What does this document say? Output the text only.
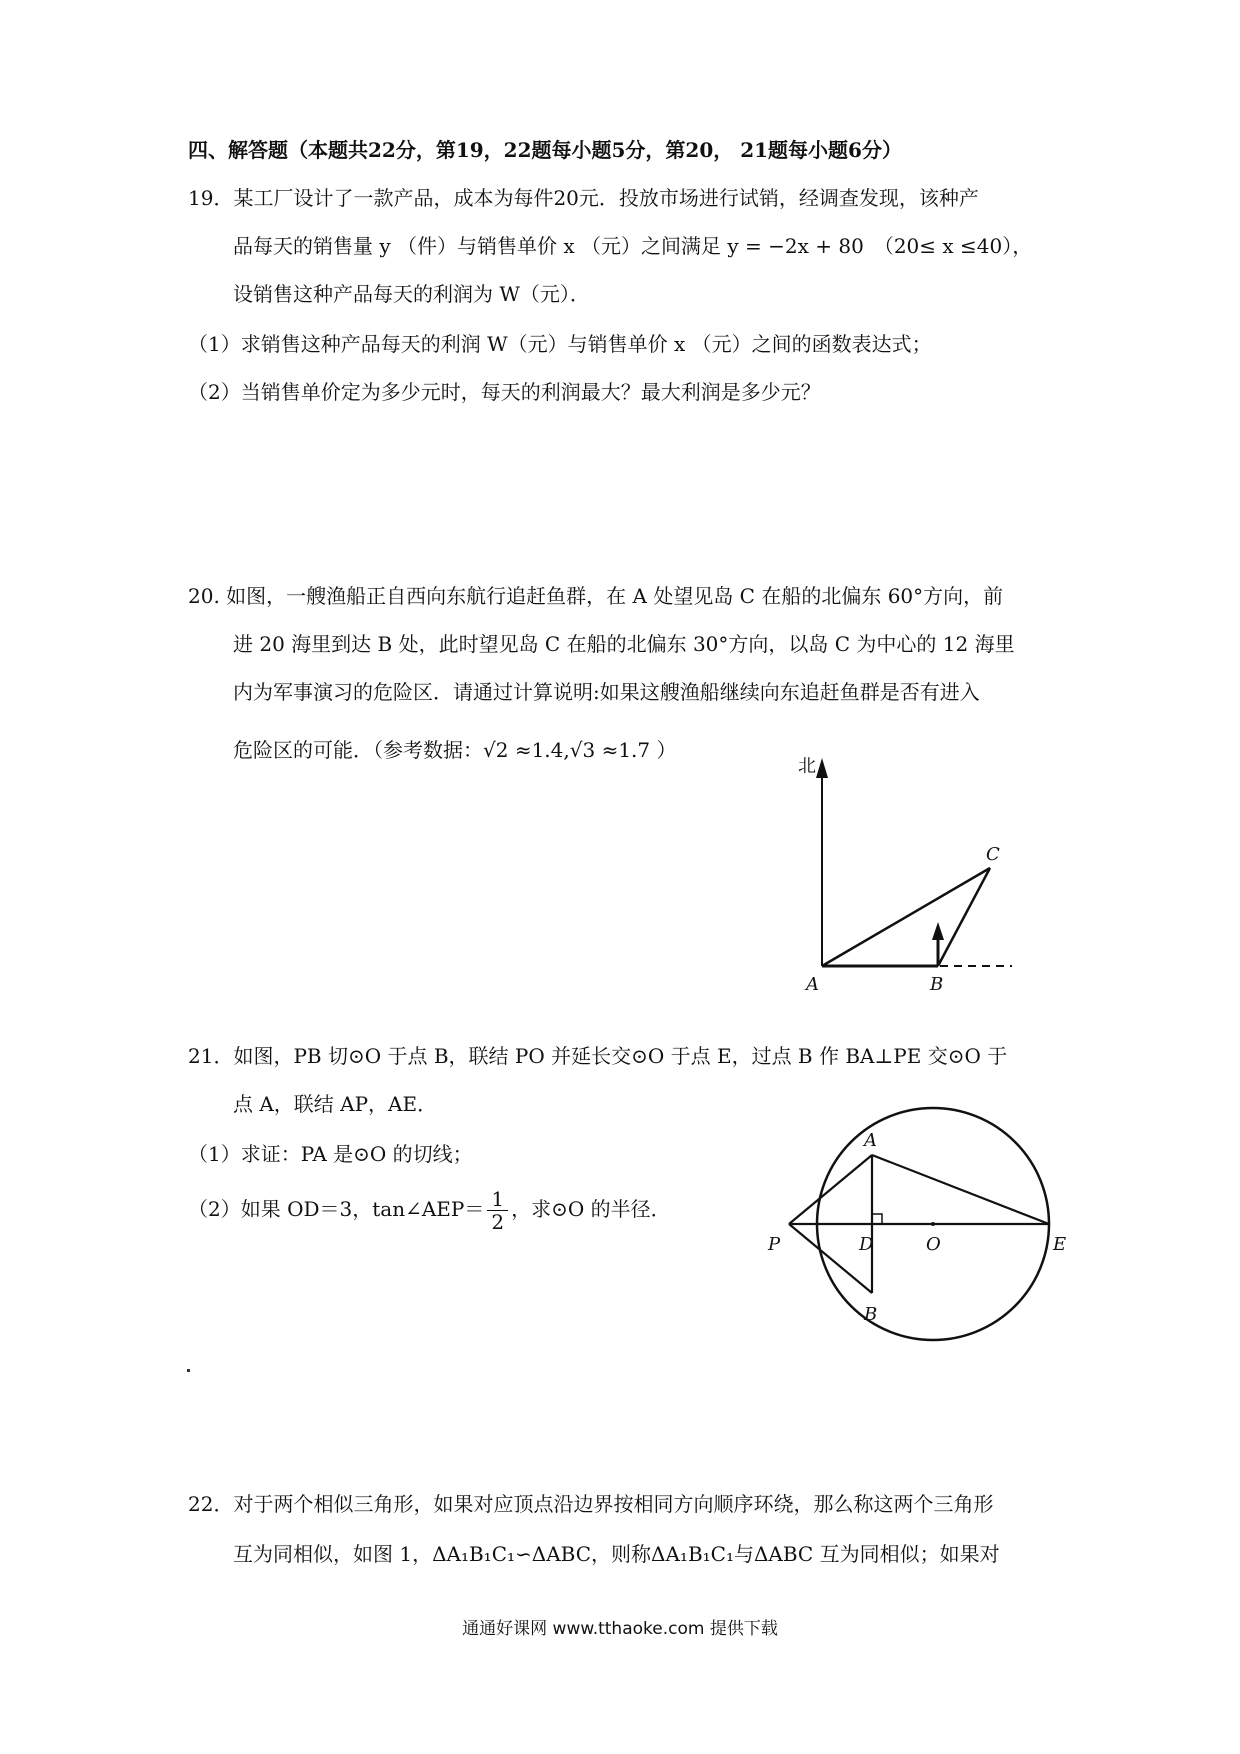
四、解答题（本题共22分，第19，22题每小题5分，第20， 21题每小题6分）
19．某工厂设计了一款产品，成本为每件20元．投放市场进行试销，经调查发现，该种产
品每天的销售量 y （件）与销售单价 x （元）之间满足 y = −2x + 80　（20≤ x ≤40），
设销售这种产品每天的利润为 W（元）．
（1）求销售这种产品每天的利润 W（元）与销售单价 x （元）之间的函数表达式；
（2）当销售单价定为多少元时，每天的利润最大？最大利润是多少元？
20. 如图，一艘渔船正自西向东航行追赶鱼群，在 A 处望见岛 C 在船的北偏东 60°方向，前
进 20 海里到达 B 处，此时望见岛 C 在船的北偏东 30°方向，以岛 C 为中心的 12 海里
内为军事演习的危险区．请通过计算说明:如果这艘渔船继续向东追赶鱼群是否有进入
危险区的可能．（参考数据：√2 ≈1.4,√3 ≈1.7 ）
北
A	B
C
21．如图，PB 切⊙O 于点 B，联结 PO 并延长交⊙O 于点 E，过点 B 作 BA⊥PE 交⊙O 于
点 A，联结 AP，AE．
（1）求证：PA 是⊙O 的切线；
（2）如果 OD＝3，tan∠AEP＝ $\frac{1}{2}$ ，求⊙O 的半径．
A
B
D	O	E
P
22．对于两个相似三角形，如果对应顶点沿边界按相同方向顺序环绕，那么称这两个三角形
互为同相似，如图 1，ΔA₁B₁C₁∽ΔABC，则称ΔA₁B₁C₁与ΔABC 互为同相似；如果对
通通好课网 www.tthaoke.com 提供下载
